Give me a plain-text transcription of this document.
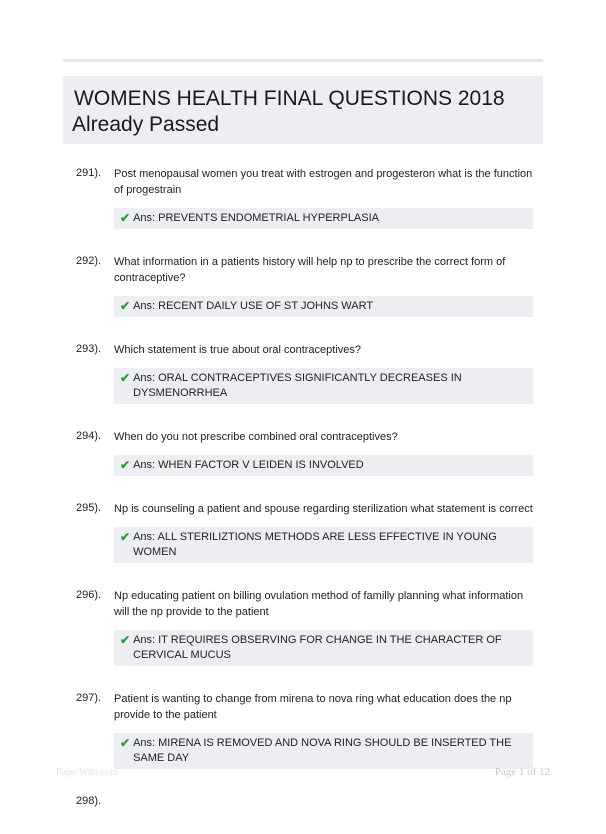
WOMENS HEALTH FINAL QUESTIONS 2018
Already Passed
291).	Post menopausal women you treat with estrogen and progesteron what is the function of progestrain
✔ Ans: PREVENTS ENDOMETRIAL HYPERPLASIA
292).	What information in a patients history will help np to prescribe the correct form of contraceptive?
✔ Ans: RECENT DAILY USE OF ST JOHNS WART
293).	Which statement is true about oral contraceptives?
✔ Ans: ORAL CONTRACEPTIVES SIGNIFICANTLY DECREASES IN DYSMENORRHEA
294).	When do you not prescribe combined oral contraceptives?
✔ Ans: WHEN FACTOR V LEIDEN IS INVOLVED
295).	Np is counseling a patient and spouse regarding sterilization what statement is correct
✔ Ans: ALL STERILIZTIONS METHODS ARE LESS EFFECTIVE IN YOUNG WOMEN
296).	Np educating patient on billing ovulation method of familly planning what information will the np provide to the patient
✔ Ans: IT REQUIRES OBSERVING FOR CHANGE IN THE CHARACTER OF CERVICAL MUCUS
297).	Patient is wanting to change from mirena to nova ring what education does the np provide to the patient
✔ Ans: MIRENA IS REMOVED AND NOVA RING SHOULD BE INSERTED THE SAME DAY
298).
PaperWiki.com	Page 1 of 12
